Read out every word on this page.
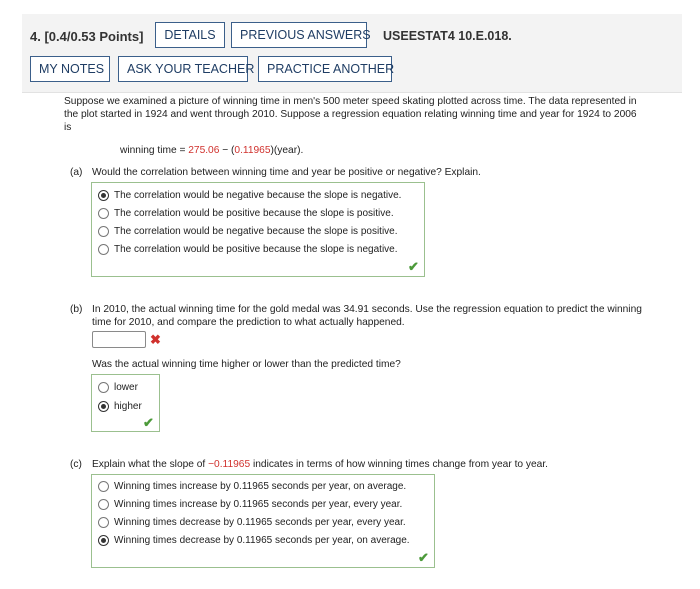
4. [0.4/0.53 Points]	DETAILS	PREVIOUS ANSWERS USEESTAT4 10.E.018.
MY NOTES	ASK YOUR TEACHER	PRACTICE ANOTHER
Suppose we examined a picture of winning time in men's 500 meter speed skating plotted across time. The data represented in
the plot started in 1924 and went through 2010. Suppose a regression equation relating winning time and year for 1924 to 2006
is
winning time = 275.06 − (0.11965)(year).
(a) Would the correlation between winning time and year be positive or negative? Explain.
The correlation would be negative because the slope is negative.
The correlation would be positive because the slope is positive.
The correlation would be negative because the slope is positive.
The correlation would be positive because the slope is negative.
✔
(b) In 2010, the actual winning time for the gold medal was 34.91 seconds. Use the regression equation to predict the winning
time for 2010, and compare the prediction to what actually happened.
✖
Was the actual winning time higher or lower than the predicted time?
lower
higher
✔
(c) Explain what the slope of −0.11965 indicates in terms of how winning times change from year to year.
Winning times increase by 0.11965 seconds per year, on average.
Winning times increase by 0.11965 seconds per year, every year.
Winning times decrease by 0.11965 seconds per year, every year.
Winning times decrease by 0.11965 seconds per year, on average.
✔
